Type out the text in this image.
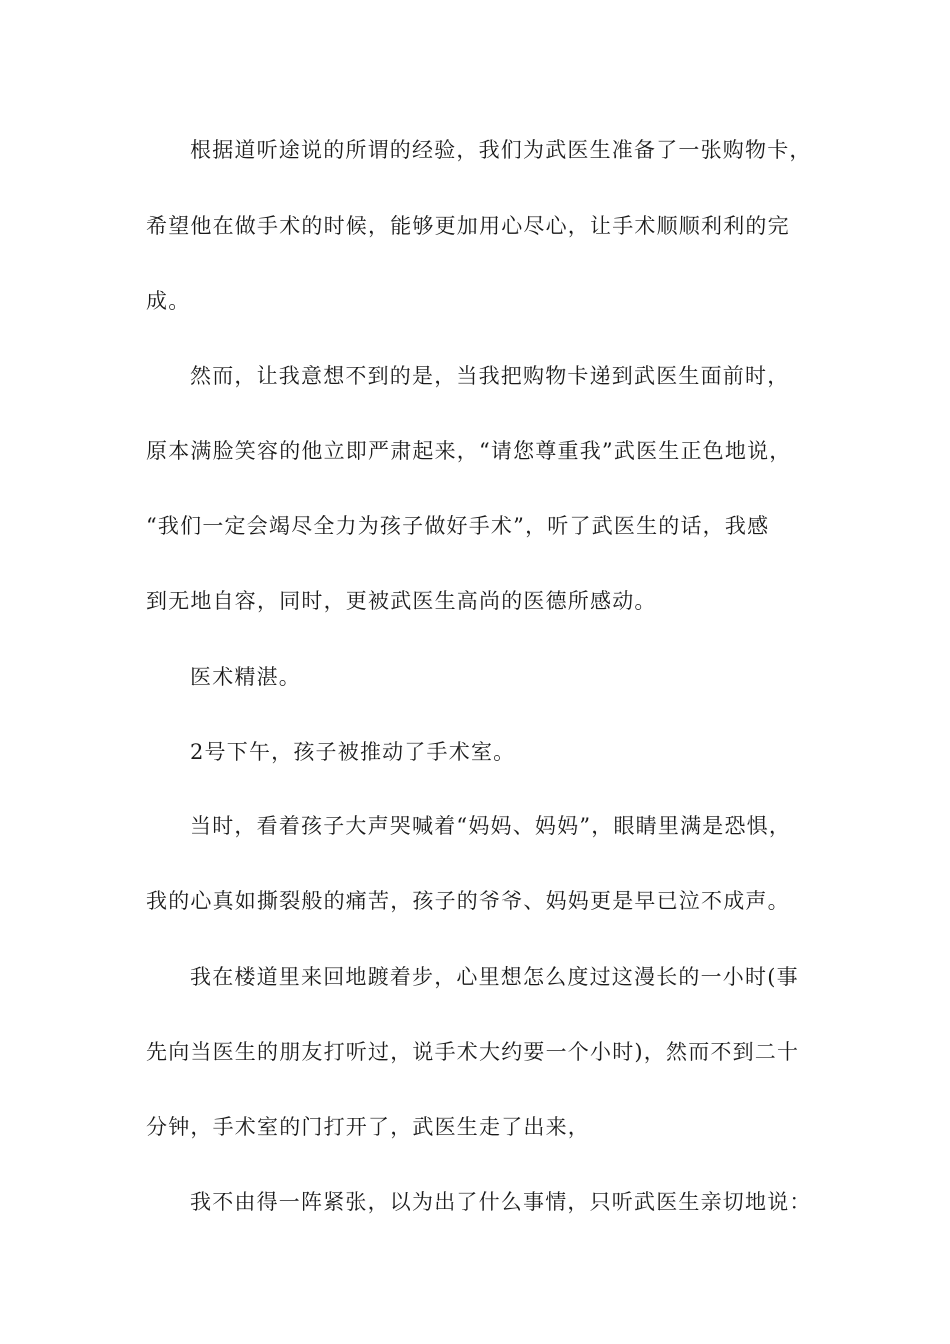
根据道听途说的所谓的经验，我们为武医生准备了一张购物卡，
希望他在做手术的时候，能够更加用心尽心，让手术顺顺利利的完
成。
然而，让我意想不到的是，当我把购物卡递到武医生面前时，
原本满脸笑容的他立即严肃起来，“请您尊重我”武医生正色地说，
“我们一定会竭尽全力为孩子做好手术”，听了武医生的话，我感
到无地自容，同时，更被武医生高尚的医德所感动。
医术精湛。
2号下午，孩子被推动了手术室。
当时，看着孩子大声哭喊着“妈妈、妈妈”，眼睛里满是恐惧，
我的心真如撕裂般的痛苦，孩子的爷爷、妈妈更是早已泣不成声。
我在楼道里来回地踱着步，心里想怎么度过这漫长的一小时(事
先向当医生的朋友打听过，说手术大约要一个小时)，然而不到二十
分钟，手术室的门打开了，武医生走了出来，
我不由得一阵紧张，以为出了什么事情，只听武医生亲切地说：
